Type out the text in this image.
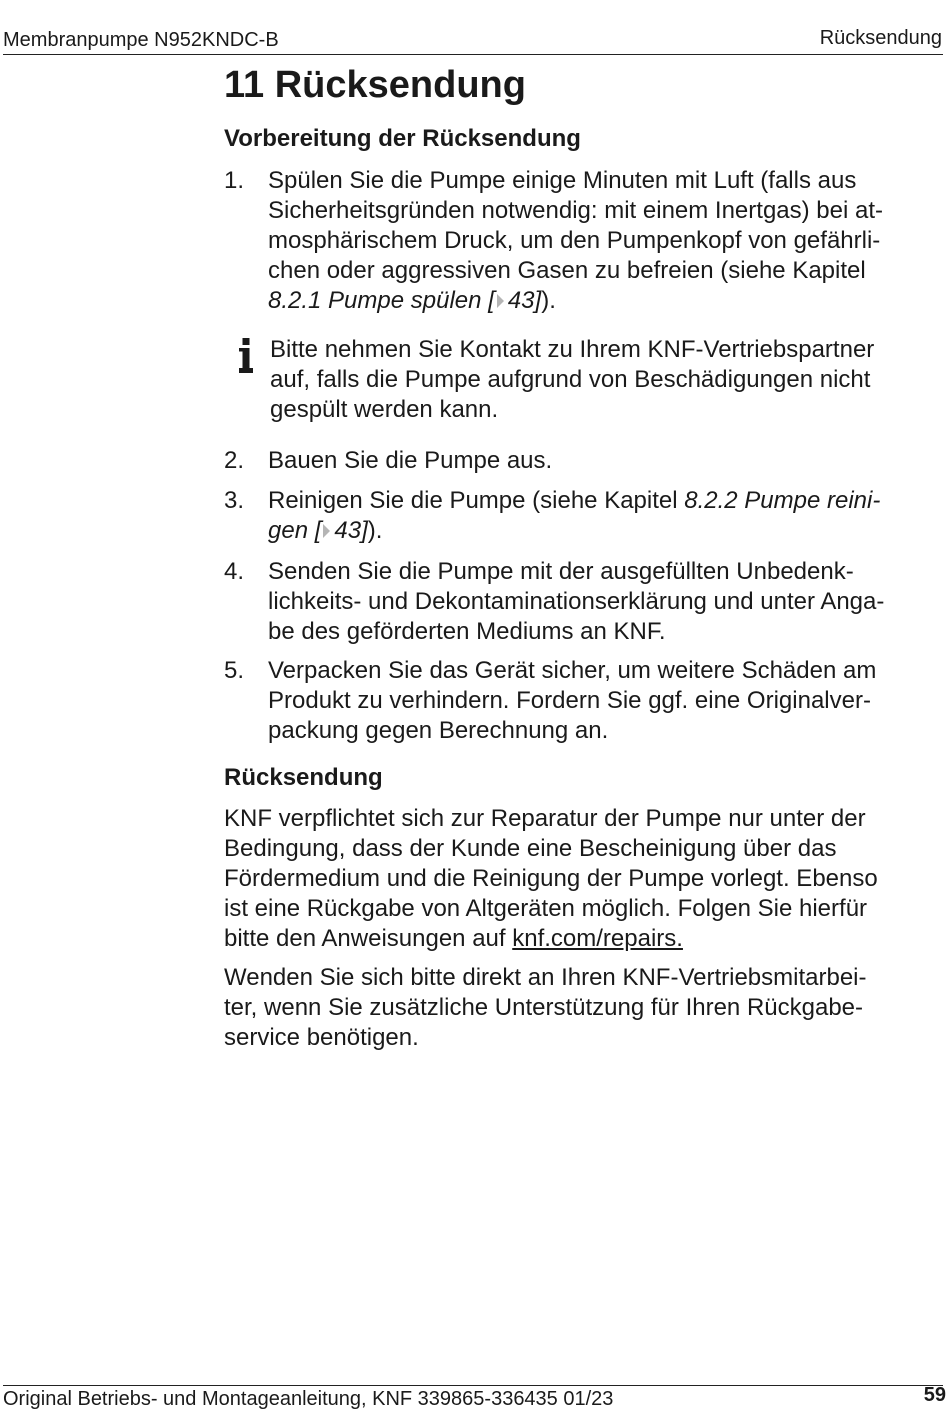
Membranpumpe N952KNDC-B	Rücksendung
11 Rücksendung
Vorbereitung der Rücksendung
1. Spülen Sie die Pumpe einige Minuten mit Luft (falls aus
Sicherheitsgründen notwendig: mit einem Inertgas) bei at-
mosphärischem Druck, um den Pumpenkopf von gefährli-
chen oder aggressiven Gasen zu befreien (siehe Kapitel
8.2.1 Pumpe spülen [ 43]).
Bitte nehmen Sie Kontakt zu Ihrem KNF-Vertriebspartner
auf, falls die Pumpe aufgrund von Beschädigungen nicht
gespült werden kann.
2. Bauen Sie die Pumpe aus.
3. Reinigen Sie die Pumpe (siehe Kapitel 8.2.2 Pumpe reini-
gen [ 43]).
4. Senden Sie die Pumpe mit der ausgefüllten Unbedenk-
lichkeits- und Dekontaminationserklärung und unter Anga-
be des geförderten Mediums an KNF.
5. Verpacken Sie das Gerät sicher, um weitere Schäden am
Produkt zu verhindern. Fordern Sie ggf. eine Originalver-
packung gegen Berechnung an.
Rücksendung
KNF verpflichtet sich zur Reparatur der Pumpe nur unter der
Bedingung, dass der Kunde eine Bescheinigung über das
Fördermedium und die Reinigung der Pumpe vorlegt. Ebenso
ist eine Rückgabe von Altgeräten möglich. Folgen Sie hierfür
bitte den Anweisungen auf knf.com/repairs.
Wenden Sie sich bitte direkt an Ihren KNF-Vertriebsmitarbei-
ter, wenn Sie zusätzliche Unterstützung für Ihren Rückgabe-
service benötigen.
Original Betriebs- und Montageanleitung, KNF 339865-336435 01/23	59
